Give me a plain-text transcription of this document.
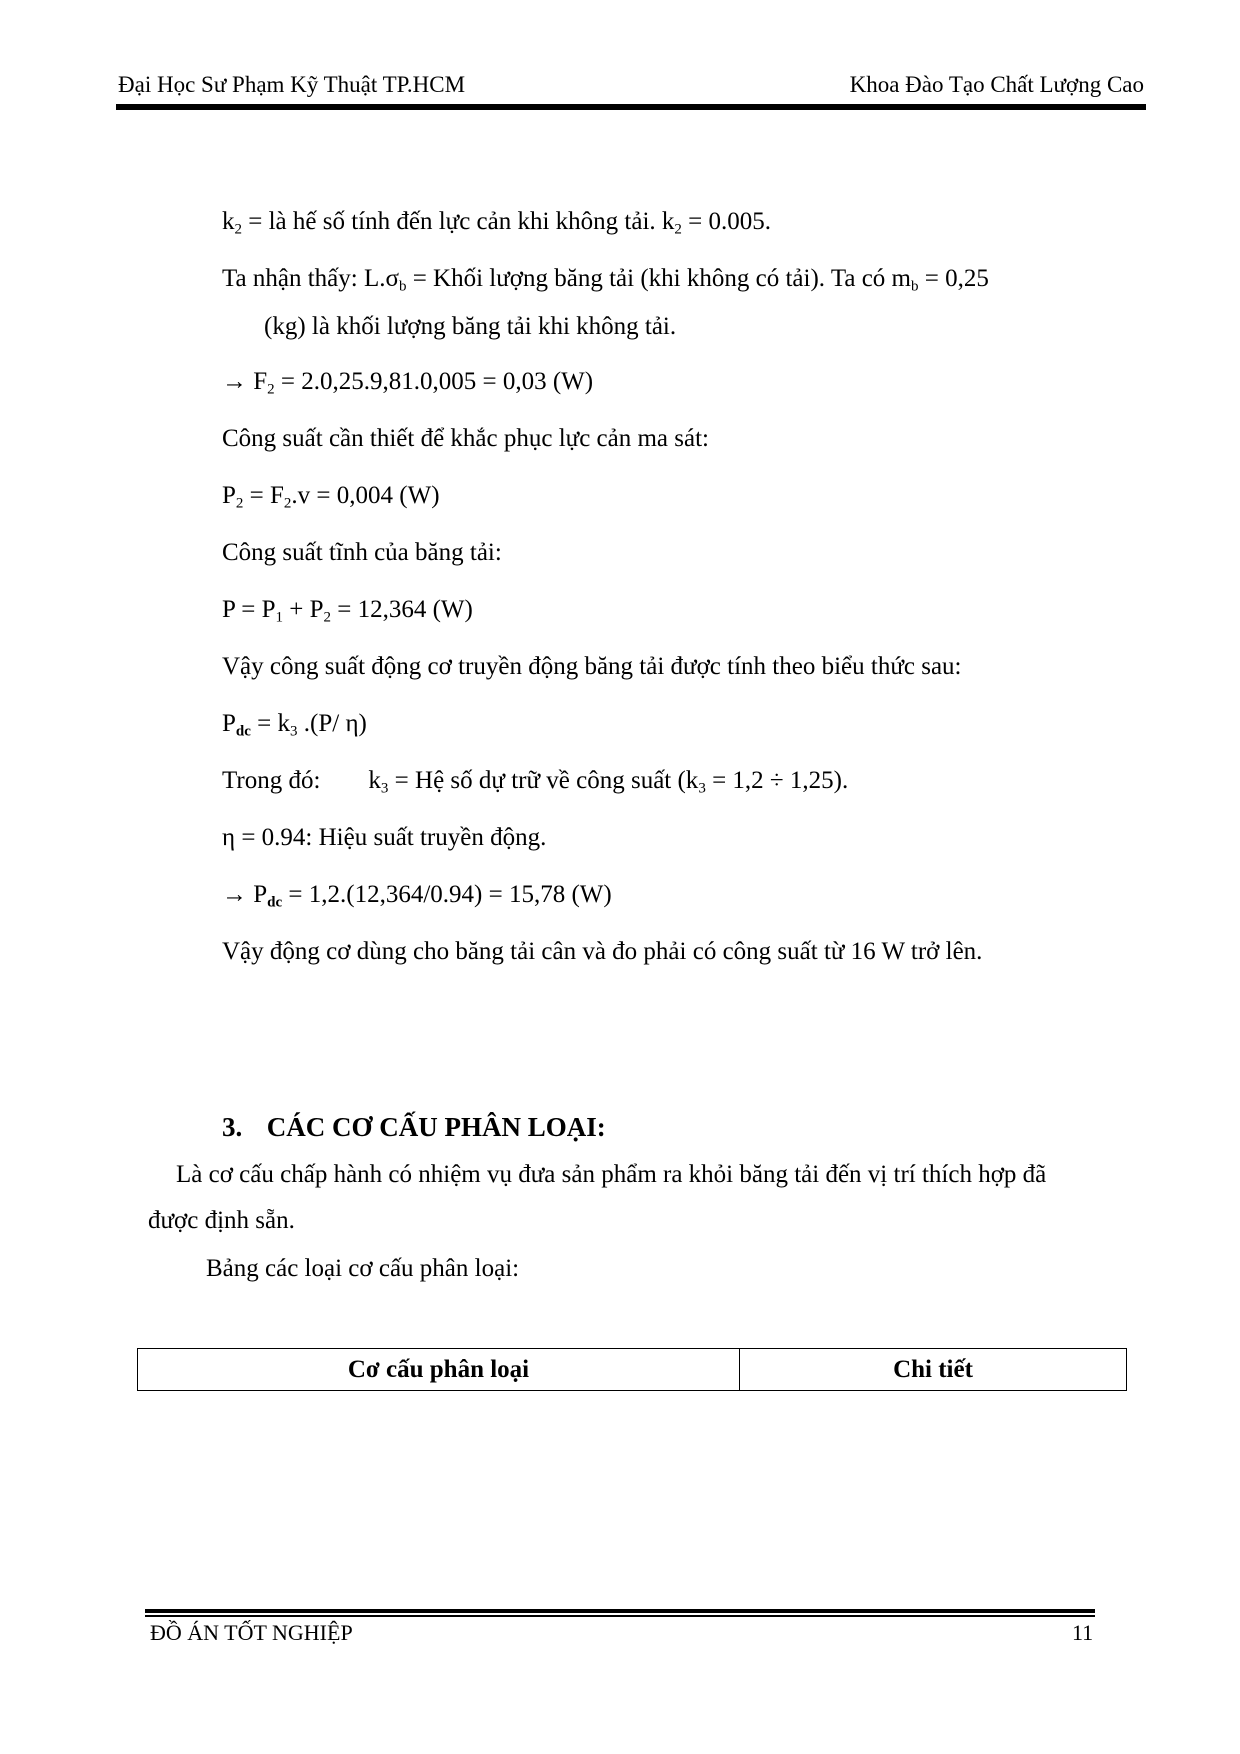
Đại Học Sư Phạm Kỹ Thuật TP.HCM	Khoa Đào Tạo Chất Lượng Cao
$k_2$ = là hế số tính đến lực cản khi không tải. $k_2 = 0.005$.
Ta nhận thấy: $L.\sigma_b$ = Khối lượng băng tải (khi không có tải). Ta có $m_b = 0,25$
(kg) là khối lượng băng tải khi không tải.
→ $F_2 = 2.0,25.9,81.0,005 = 0,03$ (W)
Công suất cần thiết để khắc phục lực cản ma sát:
$P_2 = F_2.v = 0,004$ (W)
Công suất tĩnh của băng tải:
$P = P_1 + P_2 = 12,364$ (W)
Vậy công suất động cơ truyền động băng tải được tính theo biểu thức sau:
$P_{dc} = k_3$ .(P/ η)
Trong đó: $k_3$ = Hệ số dự trữ về công suất $(k_3 = 1,2 \div 1,25)$.
η = 0.94: Hiệu suất truyền động.
→ $P_{dc} = 1,2.(12,364/0.94) = 15,78$ (W)
Vậy động cơ dùng cho băng tải cân và đo phải có công suất từ 16 W trở lên.
3. CÁC CƠ CẤU PHÂN LOẠI:
Là cơ cấu chấp hành có nhiệm vụ đưa sản phẩm ra khỏi băng tải đến vị trí thích hợp đã
được định sẵn.
Bảng các loại cơ cấu phân loại:
Cơ cấu phân loại	Chi tiết
ĐỒ ÁN TỐT NGHIỆP	11
